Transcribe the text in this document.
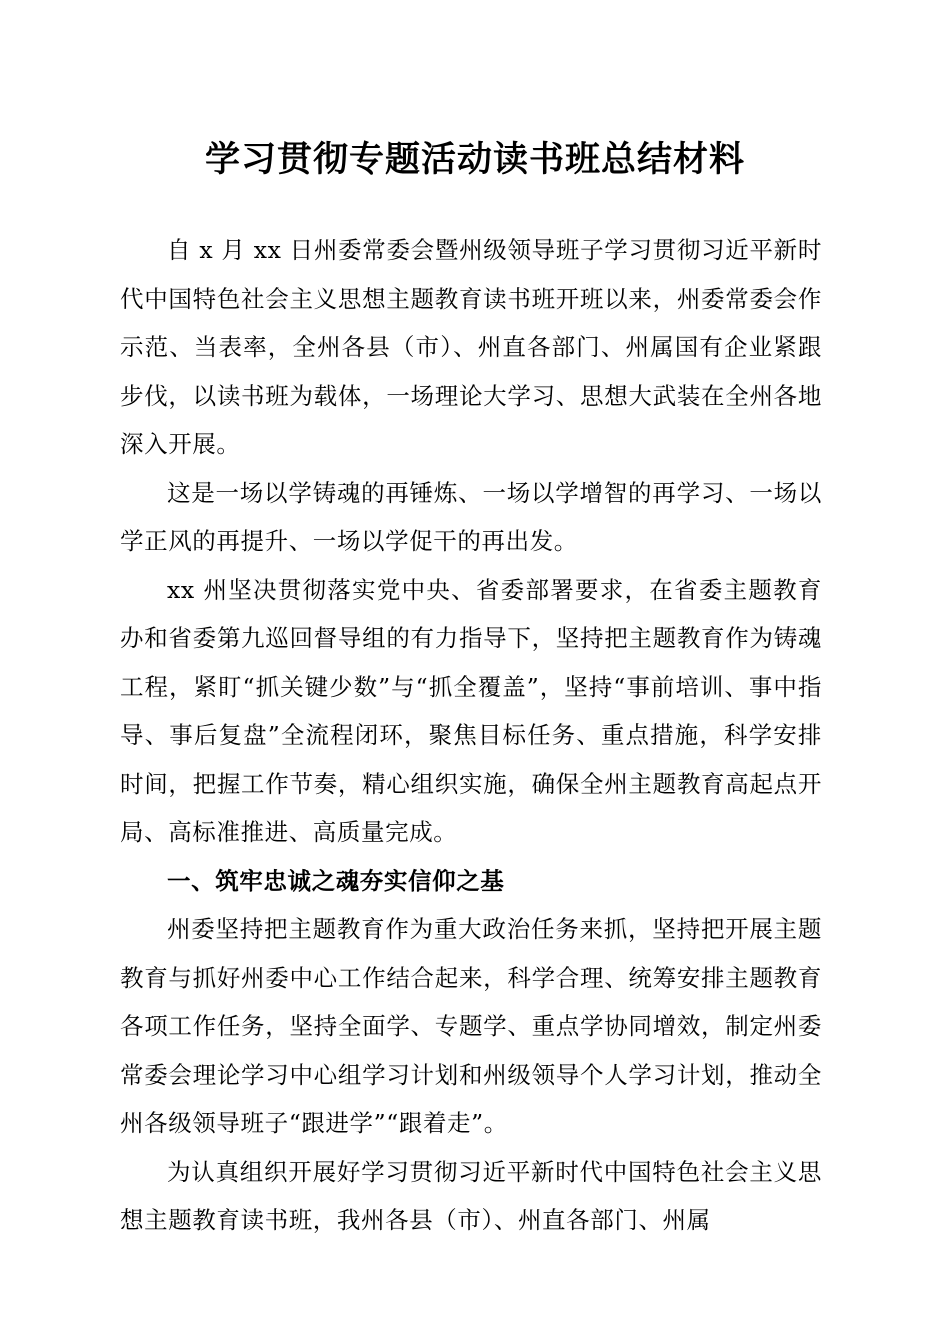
学习贯彻专题活动读书班总结材料

自 x 月 xx 日州委常委会暨州级领导班子学习贯彻习近平新时代中国特色社会主义思想主题教育读书班开班以来，州委常委会作示范、当表率，全州各县（市）、州直各部门、州属国有企业紧跟步伐，以读书班为载体，一场理论大学习、思想大武装在全州各地深入开展。

这是一场以学铸魂的再锤炼、一场以学增智的再学习、一场以学正风的再提升、一场以学促干的再出发。

xx 州坚决贯彻落实党中央、省委部署要求，在省委主题教育办和省委第九巡回督导组的有力指导下，坚持把主题教育作为铸魂工程，紧盯“抓关键少数”与“抓全覆盖”，坚持“事前培训、事中指导、事后复盘”全流程闭环，聚焦目标任务、重点措施，科学安排时间，把握工作节奏，精心组织实施，确保全州主题教育高起点开局、高标准推进、高质量完成。

一、筑牢忠诚之魂夯实信仰之基

州委坚持把主题教育作为重大政治任务来抓，坚持把开展主题教育与抓好州委中心工作结合起来，科学合理、统筹安排主题教育各项工作任务，坚持全面学、专题学、重点学协同增效，制定州委常委会理论学习中心组学习计划和州级领导个人学习计划，推动全州各级领导班子“跟进学”“跟着走”。

为认真组织开展好学习贯彻习近平新时代中国特色社会主义思想主题教育读书班，我州各县（市）、州直各部门、州属
